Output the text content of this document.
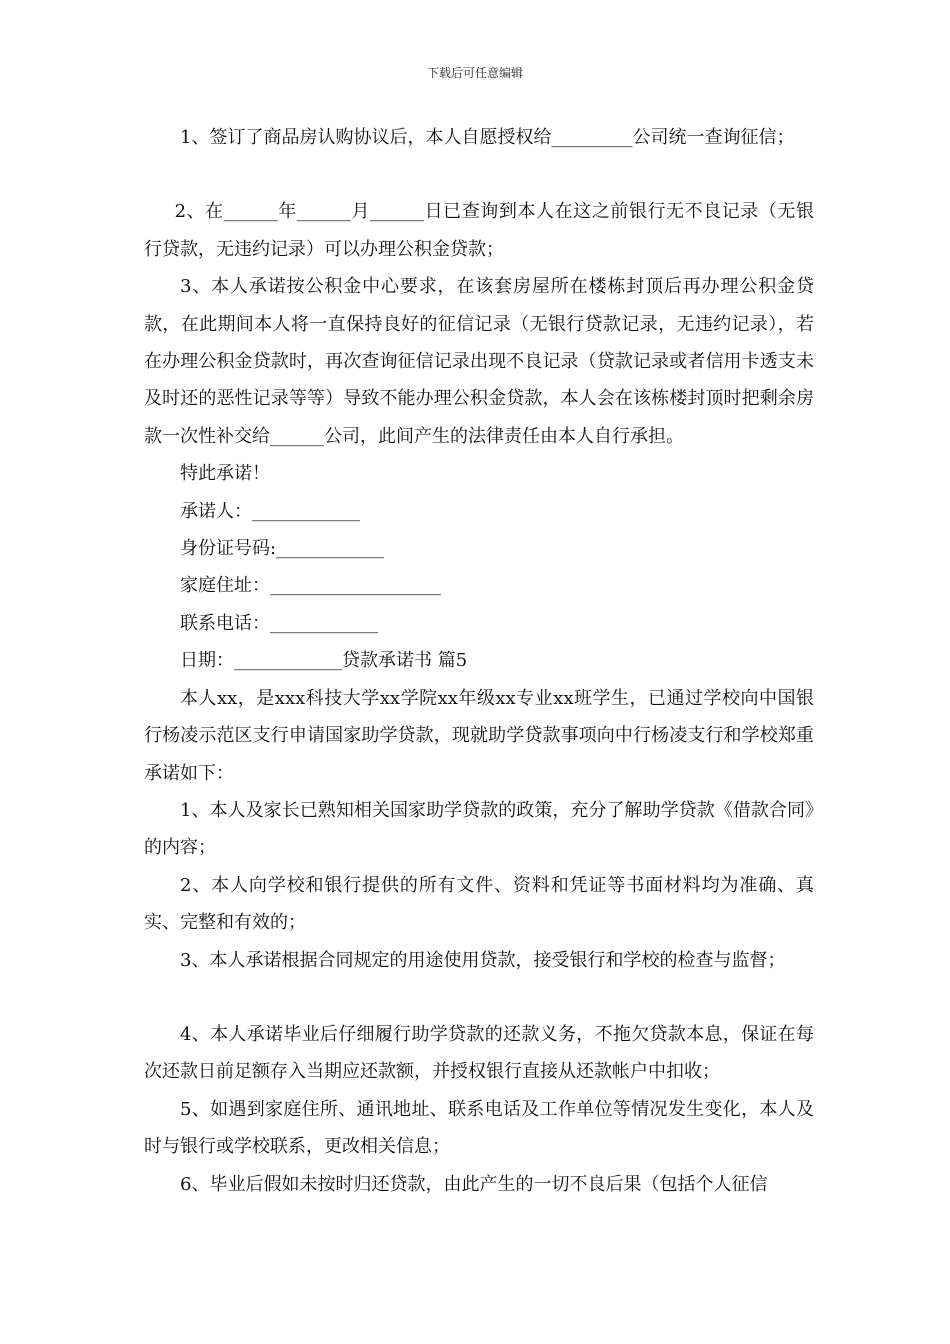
下载后可任意编辑

1、签订了商品房认购协议后，本人自愿授权给_________公司统一查询征信；

2、在______年______月______日已查询到本人在这之前银行无不良记录（无银行贷款，无违约记录）可以办理公积金贷款；

3、本人承诺按公积金中心要求，在该套房屋所在楼栋封顶后再办理公积金贷款，在此期间本人将一直保持良好的征信记录（无银行贷款记录，无违约记录），若在办理公积金贷款时，再次查询征信记录出现不良记录（贷款记录或者信用卡透支未及时还的恶性记录等等）导致不能办理公积金贷款，本人会在该栋楼封顶时把剩余房款一次性补交给______公司，此间产生的法律责任由本人自行承担。

特此承诺！

承诺人：____________

身份证号码:____________

家庭住址：___________________

联系电话：____________

日期：____________贷款承诺书 篇5

本人xx，是xxx科技大学xx学院xx年级xx专业xx班学生，已通过学校向中国银行杨凌示范区支行申请国家助学贷款，现就助学贷款事项向中行杨凌支行和学校郑重承诺如下：

1、本人及家长已熟知相关国家助学贷款的政策，充分了解助学贷款《借款合同》的内容；

2、本人向学校和银行提供的所有文件、资料和凭证等书面材料均为准确、真实、完整和有效的；

3、本人承诺根据合同规定的用途使用贷款，接受银行和学校的检查与监督；

4、本人承诺毕业后仔细履行助学贷款的还款义务，不拖欠贷款本息，保证在每次还款日前足额存入当期应还款额，并授权银行直接从还款帐户中扣收；

5、如遇到家庭住所、通讯地址、联系电话及工作单位等情况发生变化，本人及时与银行或学校联系，更改相关信息；

6、毕业后假如未按时归还贷款，由此产生的一切不良后果（包括个人征信
